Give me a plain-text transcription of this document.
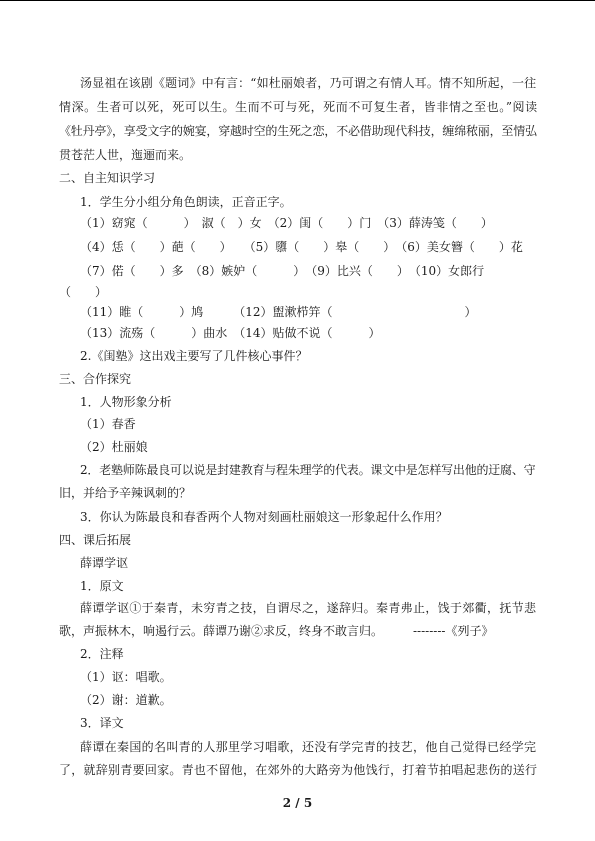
汤显祖在该剧《题词》中有言：“如杜丽娘者，乃可谓之有情人耳。情不知所起，一往
情深。生者可以死，死可以生。生而不可与死，死而不可复生者，皆非情之至也。”阅读
《牡丹亭》，享受文字的婉宴，穿越时空的生死之恋，不必借助现代科技，缠绵秾丽，至情弘
贯苍茫人世，迤逦而来。
二、自主知识学习
1．学生分小组分角色朗读，正音正字。
（1）窈窕（　　　）　淑（　）女　（2）闺（　　）门　（3）薛涛笺（　　）
（4）恁（　　）葩（　　）　　（5）隳（　　）皋（　　）　（6）美女簪（　　）花
（7）偌（　　）多　（8）嫉妒（　　　）　（9）比兴（　　）　（10）女郎行
（　　）
（11）睢（　　　）鸠　　　（12）盥漱栉笄（　　　　　　　　　　　）
（13）流殇（　　　）曲水　（14）贴做不说（　　　）
2.《闺塾》这出戏主要写了几件核心事件？
三、合作探究
1．人物形象分析
（1）春香
（2）杜丽娘
2．老塾师陈最良可以说是封建教育与程朱理学的代表。课文中是怎样写出他的迂腐、守
旧，并给予辛辣讽刺的？
3．你认为陈最良和春香两个人物对刻画杜丽娘这一形象起什么作用？
四、课后拓展
薛谭学讴
1．原文
薛谭学讴①于秦青，未穷青之技，自谓尽之，遂辞归。秦青弗止，饯于郊衢，抚节悲
歌，声振林木，响遏行云。薛谭乃谢②求反，终身不敢言归。　　　--------《列子》
2．注释
（1）讴：唱歌。
（2）谢：道歉。
3．译文
薛谭在秦国的名叫青的人那里学习唱歌，还没有学完青的技艺，他自己觉得已经学完
了，就辞别青要回家。青也不留他，在郊外的大路旁为他饯行，打着节拍唱起悲伤的送行
2 / 5
